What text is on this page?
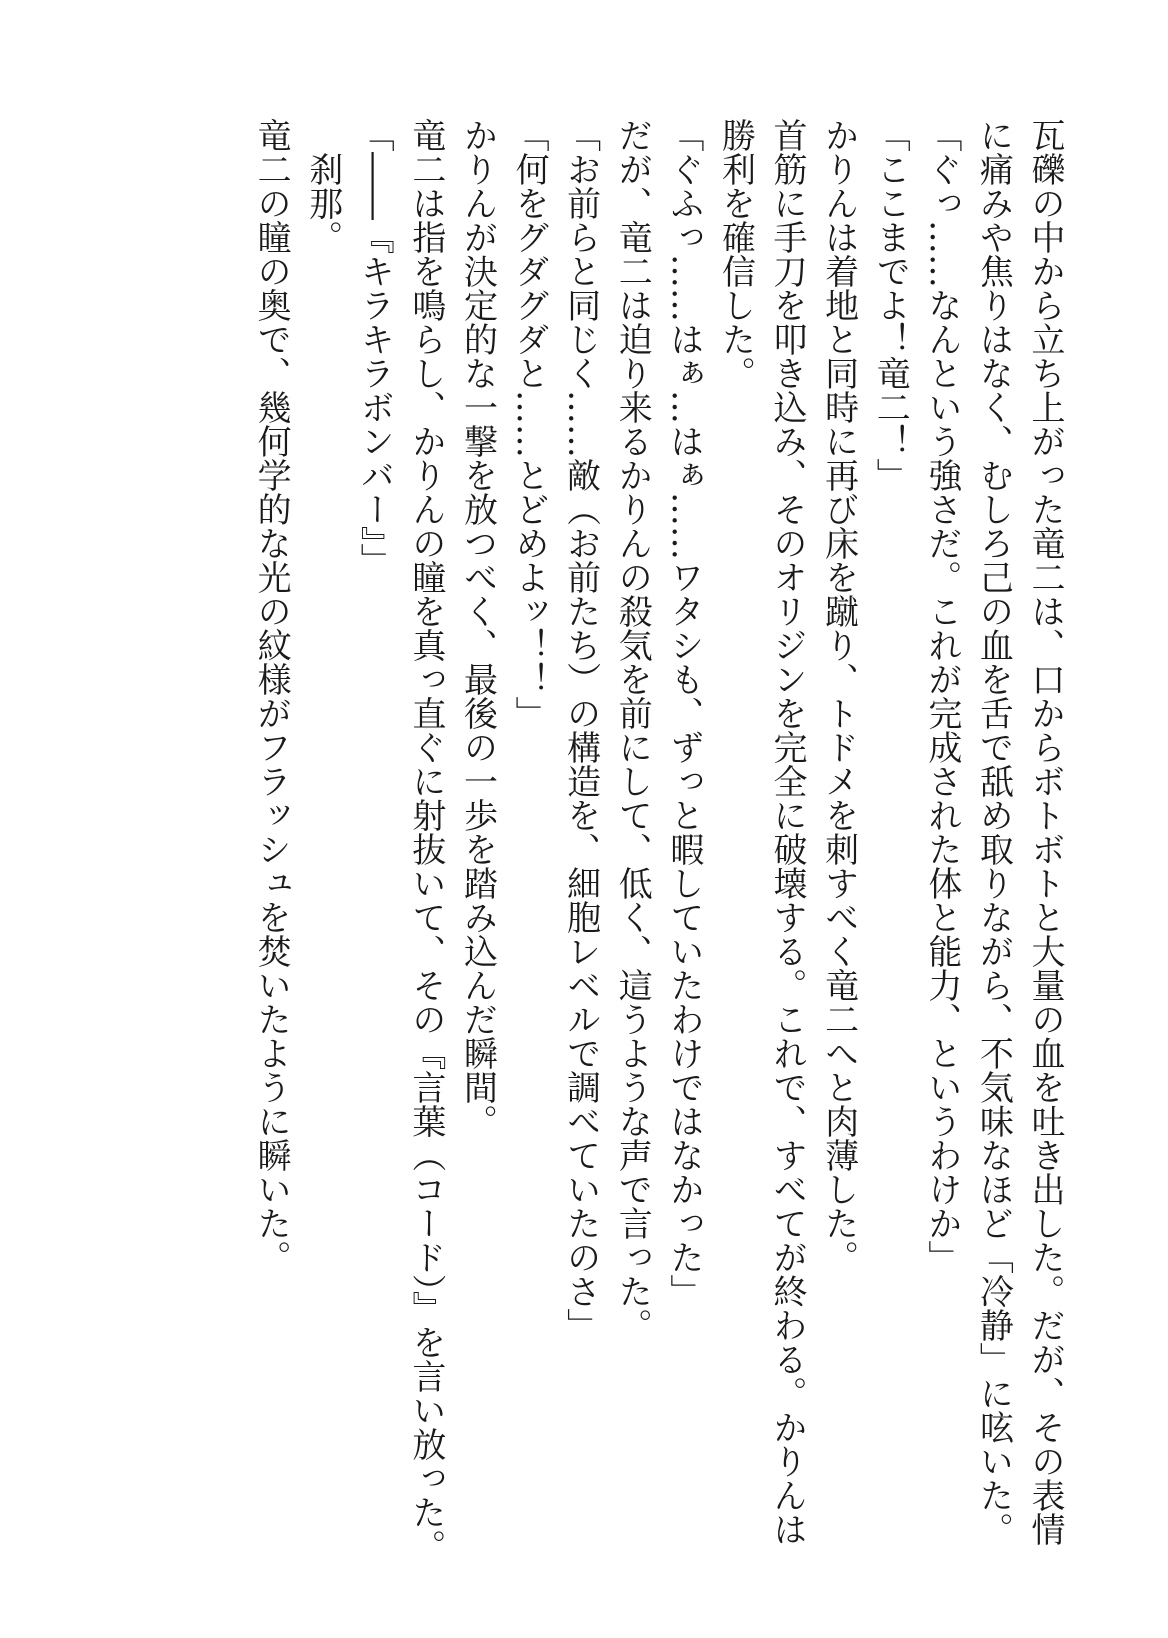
瓦礫の中から立ち上がった竜二は、口からボトボトと大量の血を吐き出した。だが、その表情
に痛みや焦りはなく、むしろ己の血を舌で舐め取りながら、不気味なほど「冷静」に呟いた。
「ぐっ……なんという強さだ。これが完成された体と能力、というわけか」
「ここまでよ！竜二！」
かりんは着地と同時に再び床を蹴り、トドメを刺すべく竜二へと肉薄した。
首筋に手刀を叩き込み、そのオリジンを完全に破壊する。これで、すべてが終わる。かりんは
勝利を確信した。
「ぐふっ……はぁ…はぁ……ワタシも、ずっと暇していたわけではなかった」
だが、竜二は迫り来るかりんの殺気を前にして、低く、這うような声で言った。
「お前らと同じく……敵（お前たち）の構造を、細胞レベルで調べていたのさ」
「何をグダグダと……とどめよッ！！」
かりんが決定的な一撃を放つべく、最後の一歩を踏み込んだ瞬間。
竜二は指を鳴らし、かりんの瞳を真っ直ぐに射抜いて、その『言葉（コード）』を言い放った。
「――『キラキラボンバー』」
刹那。
竜二の瞳の奥で、幾何学的な光の紋様がフラッシュを焚いたように瞬いた。
